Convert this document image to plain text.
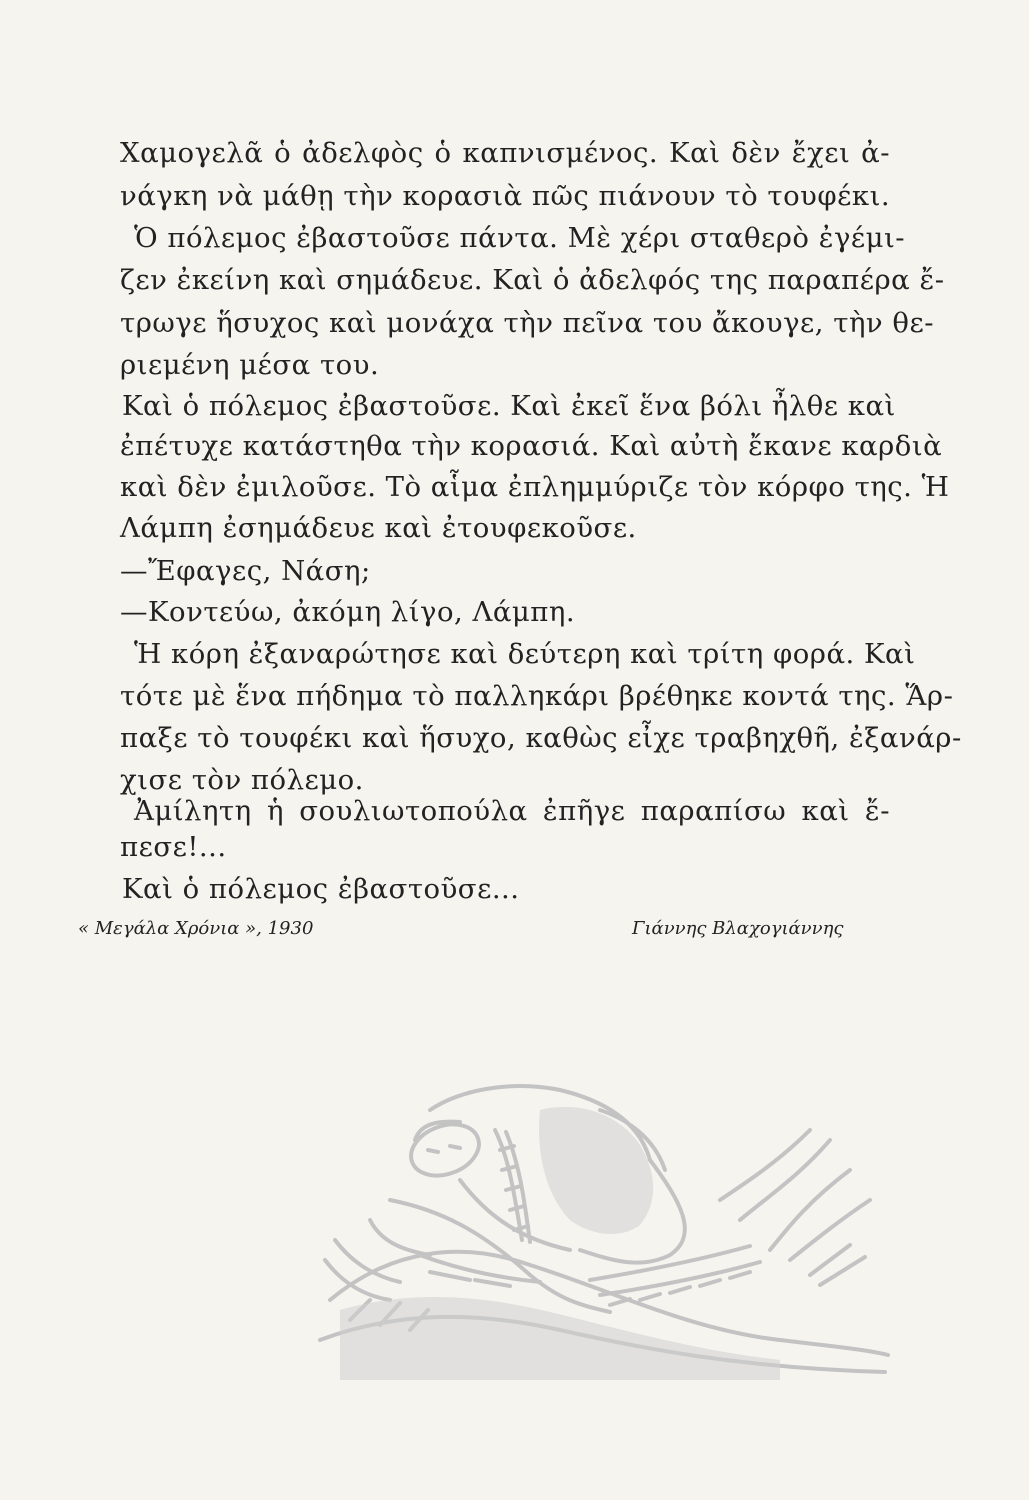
Χαμογελᾶ ὁ ἀδελφὸς ὁ καπνισμένος. Καὶ δὲν ἔχει ἀ-
νάγκη νὰ μάθῃ τὴν κορασιὰ πῶς πιάνουν τὸ τουφέκι.
Ὁ πόλεμος ἐβαστοῦσε πάντα. Μὲ χέρι σταθερὸ ἐγέμι-
ζεν ἐκείνη καὶ σημάδευε. Καὶ ὁ ἀδελφός της παραπέρα ἔ-
τρωγε ἥσυχος καὶ μονάχα τὴν πεῖνα του ἄκουγε, τὴν θε-
ριεμένη μέσα του.
Καὶ ὁ πόλεμος ἐβαστοῦσε. Καὶ ἐκεῖ ἕνα βόλι ἦλθε καὶ
ἐπέτυχε κατάστηθα τὴν κορασιά. Καὶ αὐτὴ ἔκανε καρδιὰ
καὶ δὲν ἐμιλοῦσε. Τὸ αἷμα ἐπλημμύριζε τὸν κόρφο της. Ἡ
Λάμπη ἐσημάδευε καὶ ἐτουφεκοῦσε.
—Ἔφαγες, Νάση;
—Κοντεύω, ἀκόμη λίγο, Λάμπη.
Ἡ κόρη ἐξαναρώτησε καὶ δεύτερη καὶ τρίτη φορά. Καὶ
τότε μὲ ἕνα πήδημα τὸ παλληκάρι βρέθηκε κοντά της. Ἅρ-
παξε τὸ τουφέκι καὶ ἥσυχο, καθὼς εἶχε τραβηχθῆ, ἐξανάρ-
χισε τὸν πόλεμο.
Ἀμίλητη ἡ σουλιωτοπούλα ἐπῆγε παραπίσω καὶ ἔ-
πεσε!...
Καὶ ὁ πόλεμος ἐβαστοῦσε...
« Μεγάλα Χρόνια », 1930	Γιάννης Βλαχογιάννης
